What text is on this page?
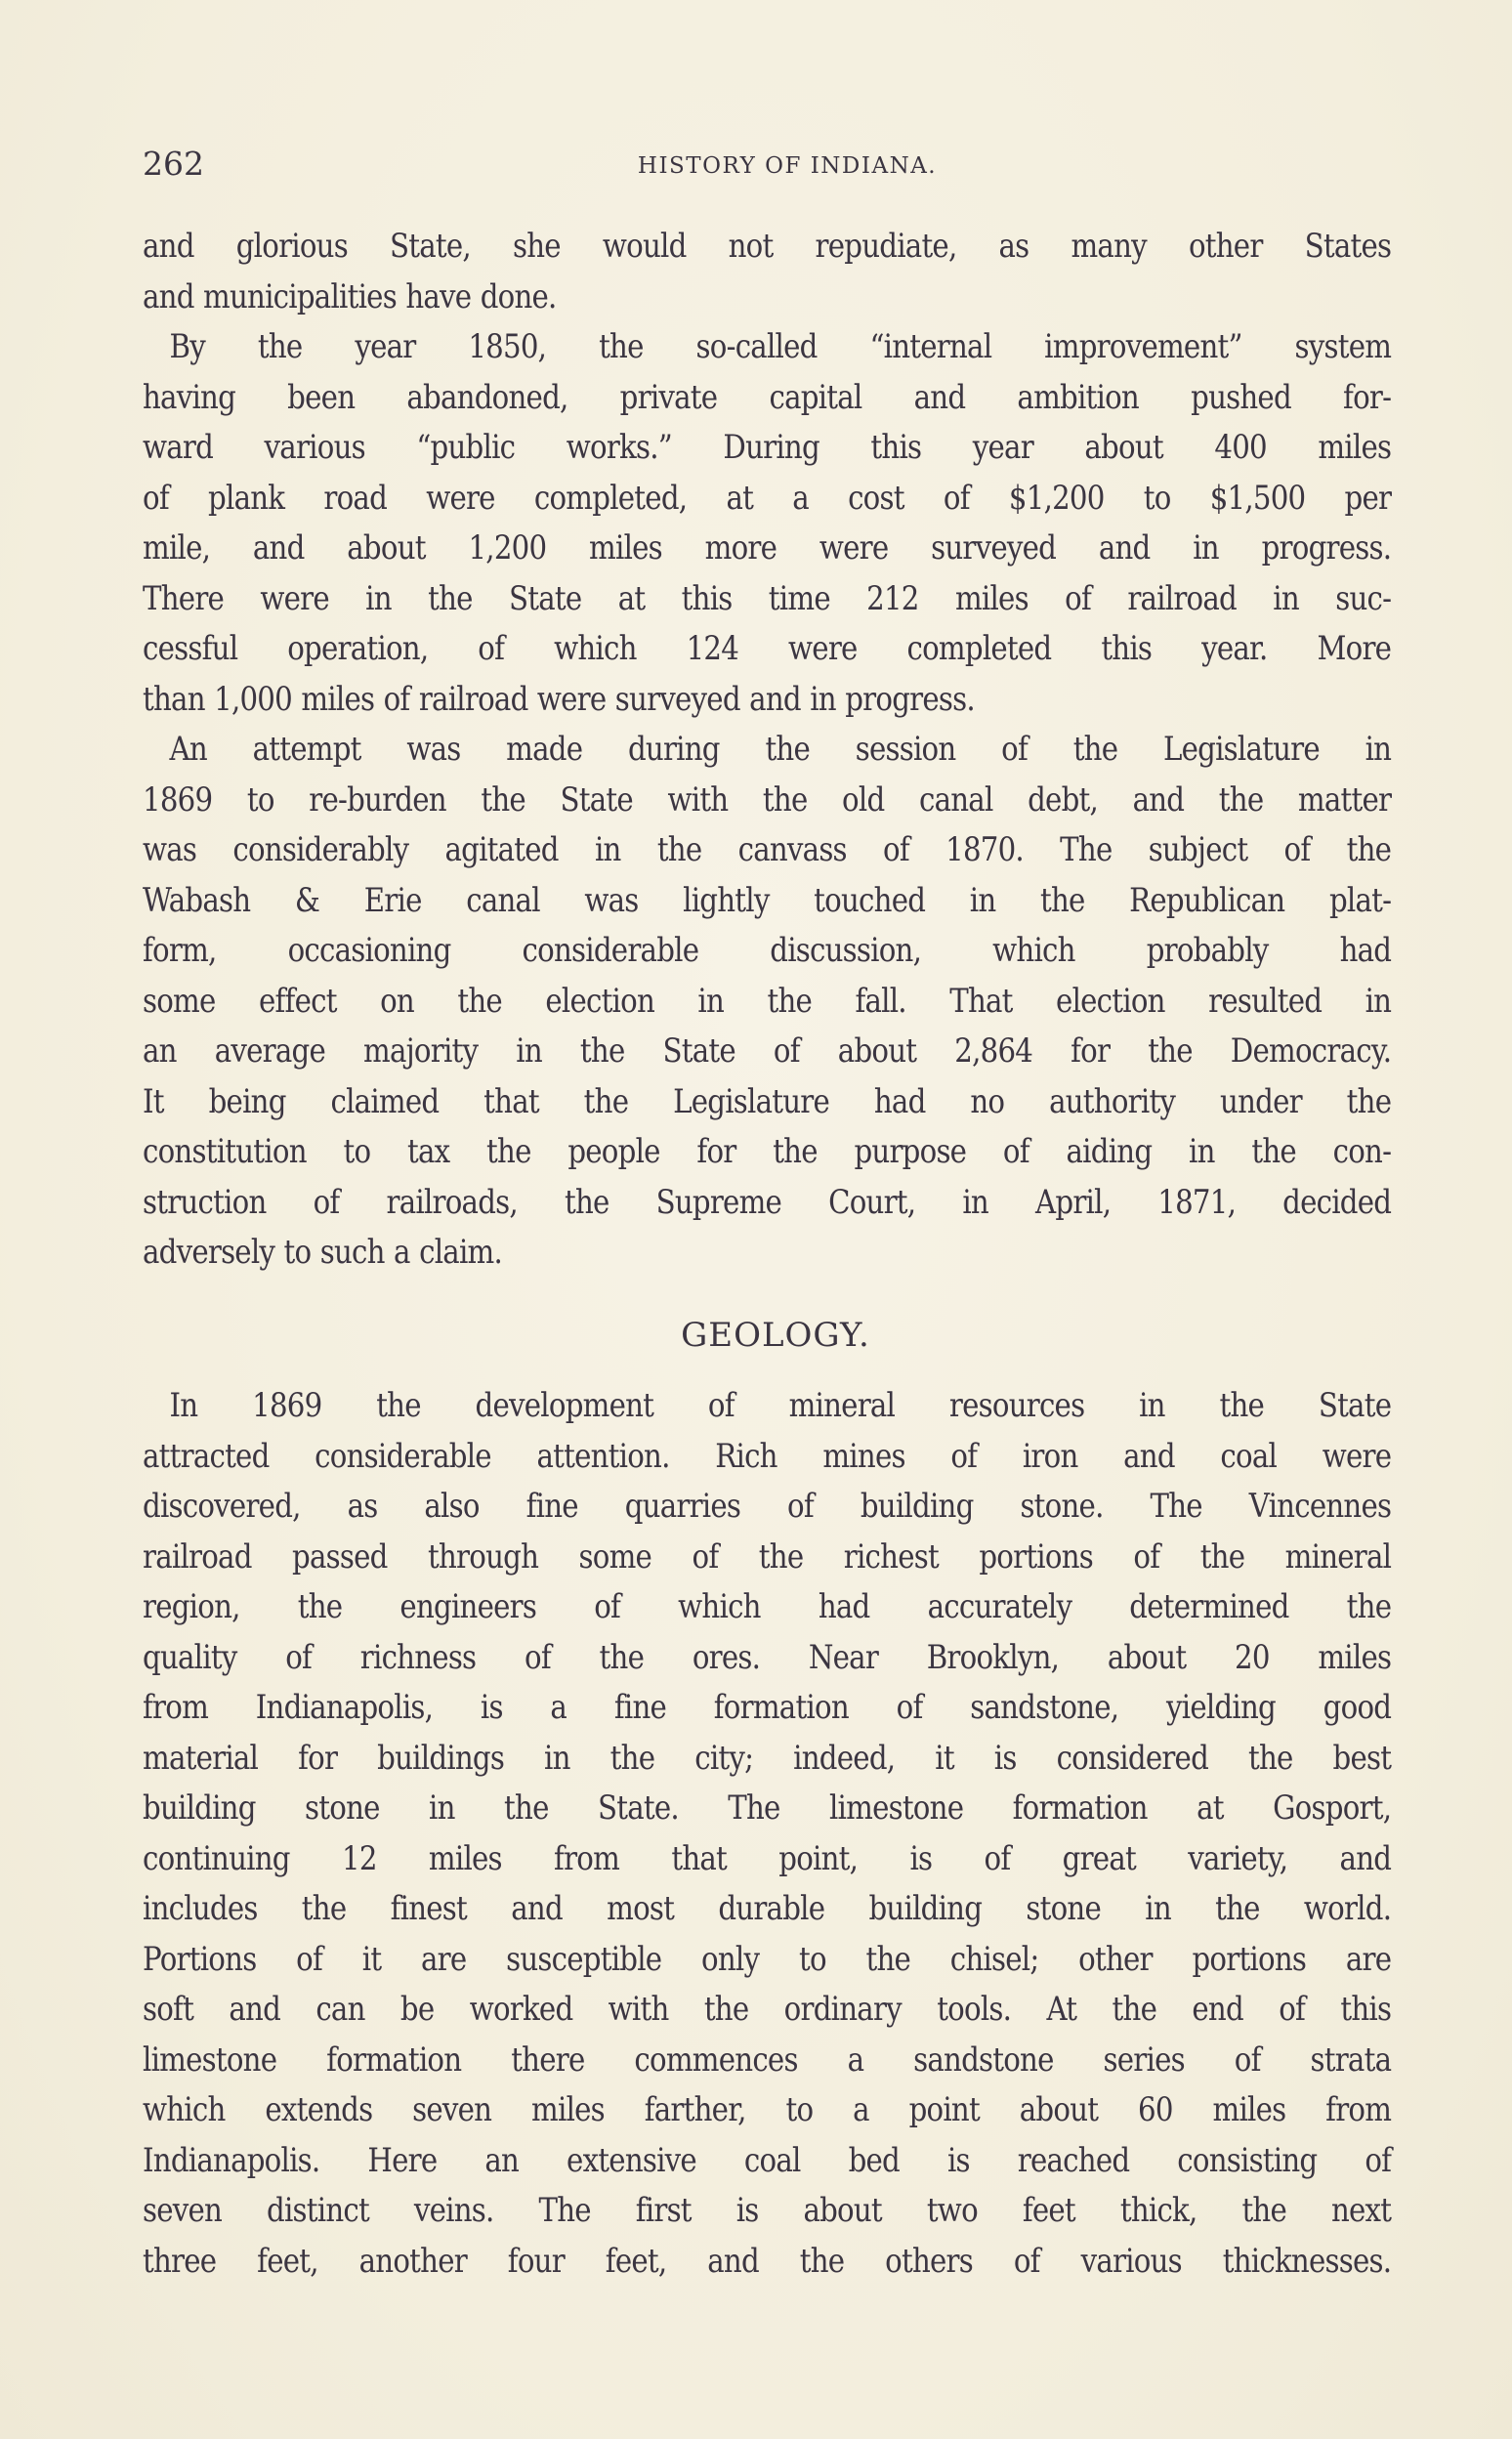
262	HISTORY OF INDIANA.
and glorious State, she would not repudiate, as many other States
and municipalities have done.
By the year 1850, the so-called “internal improvement” system
having been abandoned, private capital and ambition pushed for-
ward various “public works.” During this year about 400 miles
of plank road were completed, at a cost of $1,200 to $1,500 per
mile, and about 1,200 miles more were surveyed and in progress.
There were in the State at this time 212 miles of railroad in suc-
cessful operation, of which 124 were completed this year. More
than 1,000 miles of railroad were surveyed and in progress.
An attempt was made during the session of the Legislature in
1869 to re-burden the State with the old canal debt, and the matter
was considerably agitated in the canvass of 1870. The subject of the
Wabash & Erie canal was lightly touched in the Republican plat-
form, occasioning considerable discussion, which probably had
some effect on the election in the fall. That election resulted in
an average majority in the State of about 2,864 for the Democracy.
It being claimed that the Legislature had no authority under the
constitution to tax the people for the purpose of aiding in the con-
struction of railroads, the Supreme Court, in April, 1871, decided
adversely to such a claim.
GEOLOGY.
In 1869 the development of mineral resources in the State
attracted considerable attention. Rich mines of iron and coal were
discovered, as also fine quarries of building stone. The Vincennes
railroad passed through some of the richest portions of the mineral
region, the engineers of which had accurately determined the
quality of richness of the ores. Near Brooklyn, about 20 miles
from Indianapolis, is a fine formation of sandstone, yielding good
material for buildings in the city; indeed, it is considered the best
building stone in the State. The limestone formation at Gosport,
continuing 12 miles from that point, is of great variety, and
includes the finest and most durable building stone in the world.
Portions of it are susceptible only to the chisel; other portions are
soft and can be worked with the ordinary tools. At the end of this
limestone formation there commences a sandstone series of strata
which extends seven miles farther, to a point about 60 miles from
Indianapolis. Here an extensive coal bed is reached consisting of
seven distinct veins. The first is about two feet thick, the next
three feet, another four feet, and the others of various thicknesses.
